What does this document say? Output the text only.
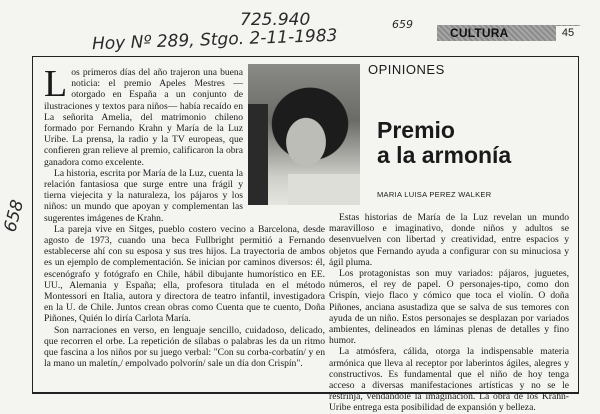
725.940	659
Hoy Nº 289, Stgo. 2-11-1983
658
CULTURA	45

Los primeros días del año trajeron una buena noticia: el premio Apeles Mestres —otorgado en España a un conjunto de ilustraciones y textos para niños— había recaído en La señorita Amelia, del matrimonio chileno formado por Fernando Krahn y María de la Luz Uribe. La prensa, la radio y la TV europeas, que confieren gran relieve al premio, calificaron la obra ganadora como excelente.

La historia, escrita por María de la Luz, cuenta la relación fantasiosa que surge entre una frágil y tierna viejecita y la naturaleza, los pájaros y los niños: un mundo que apoyan y complementan las sugerentes imágenes de Krahn.

La pareja vive en Sitges, pueblo costero vecino a Barcelona, desde agosto de 1973, cuando una beca Fullbright permitió a Fernando establecerse ahí con su esposa y sus tres hijos. La trayectoria de ambos es un ejemplo de complementación. Se inician por caminos diversos: él, escenógrafo y fotógrafo en Chile, hábil dibujante humorístico en EE. UU., Alemania y España; ella, profesora titulada en el método Montessori en Italia, autora y directora de teatro infantil, investigadora en la U. de Chile. Juntos crean obras como Cuenta que te cuento, Doña Piñones, Quién lo diría Carlota María.

Son narraciones en verso, en lenguaje sencillo, cuidadoso, delicado, que recorren el orbe. La repetición de sílabas o palabras les da un ritmo que fascina a los niños por su juego verbal: "Con su corba-corbatín/ y en la mano un maletín,/ empolvado polvorín/ sale un día don Crispín".

OPINIONES
Premio
a la armonía
MARIA LUISA PEREZ WALKER

Estas historias de María de la Luz revelan un mundo maravilloso e imaginativo, donde niños y adultos se desenvuelven con libertad y creatividad, entre espacios y objetos que Fernando ayuda a configurar con su minuciosa y ágil pluma.

Los protagonistas son muy variados: pájaros, juguetes, números, el rey de papel. O personajes-tipo, como don Crispín, viejo flaco y cómico que toca el violín. O doña Piñones, anciana asustadiza que se salva de sus temores con ayuda de un niño. Estos personajes se desplazan por variados ambientes, delineados en láminas plenas de detalles y fino humor.

La atmósfera, cálida, otorga la indispensable materia armónica que lleva al receptor por laberintos ágiles, alegres y constructivos. Es fundamental que el niño de hoy tenga acceso a diversas manifestaciones artísticas y no se le restrinja, vendándole la imaginación. La obra de los Krahn-Uribe entrega esta posibilidad de expansión y belleza.
